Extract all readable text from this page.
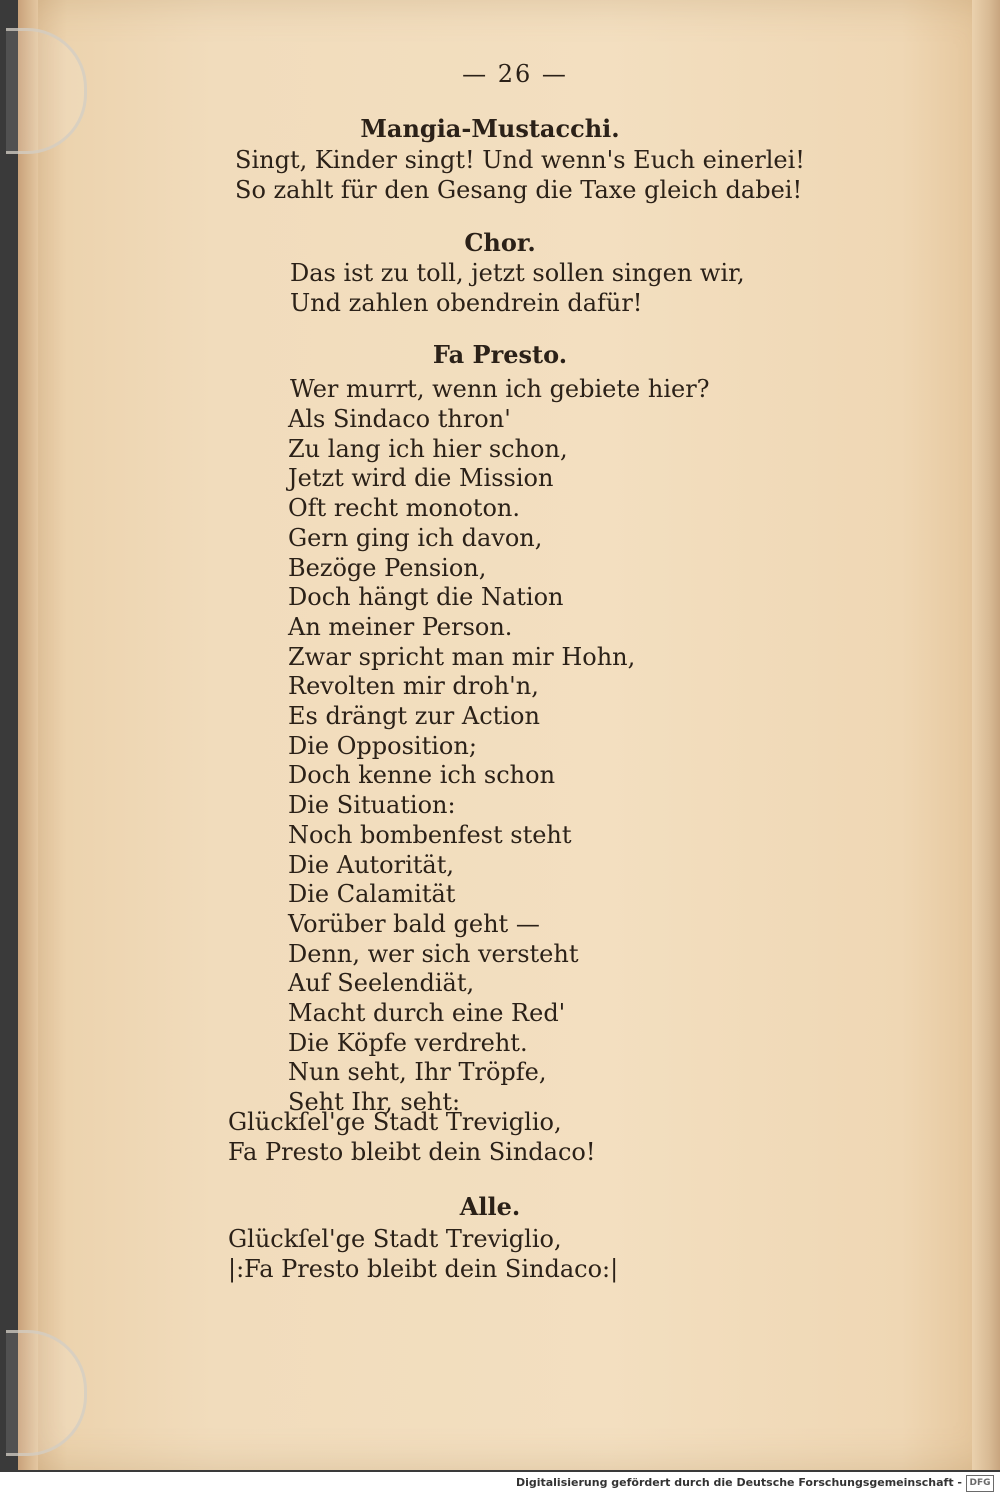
— 26 —
Mangia-Mustacchi.
Singt, Kinder singt! Und wenn's Euch einerlei!
So zahlt für den Gesang die Taxe gleich dabei!
Chor.
Das ist zu toll, jetzt sollen singen wir,
Und zahlen obendrein dafür!
Fa Presto.
Wer murrt, wenn ich gebiete hier?
Als Sindaco thron'
Zu lang ich hier schon,
Jetzt wird die Mission
Oft recht monoton.
Gern ging ich davon,
Bezöge Pension,
Doch hängt die Nation
An meiner Person.
Zwar spricht man mir Hohn,
Revolten mir droh'n,
Es drängt zur Action
Die Opposition;
Doch kenne ich schon
Die Situation:
Noch bombenfest steht
Die Autorität,
Die Calamität
Vorüber bald geht —
Denn, wer sich versteht
Auf Seelendiät,
Macht durch eine Red'
Die Köpfe verdreht.
Nun seht, Ihr Tröpfe,
Seht Ihr, seht:
Glückſel'ge Stadt Treviglio,
Fa Presto bleibt dein Sindaco!
Alle.
Glückſel'ge Stadt Treviglio,
|:Fa Presto bleibt dein Sindaco:|
Digitalisierung gefördert durch die Deutsche Forschungsgemeinschaft - DFG
